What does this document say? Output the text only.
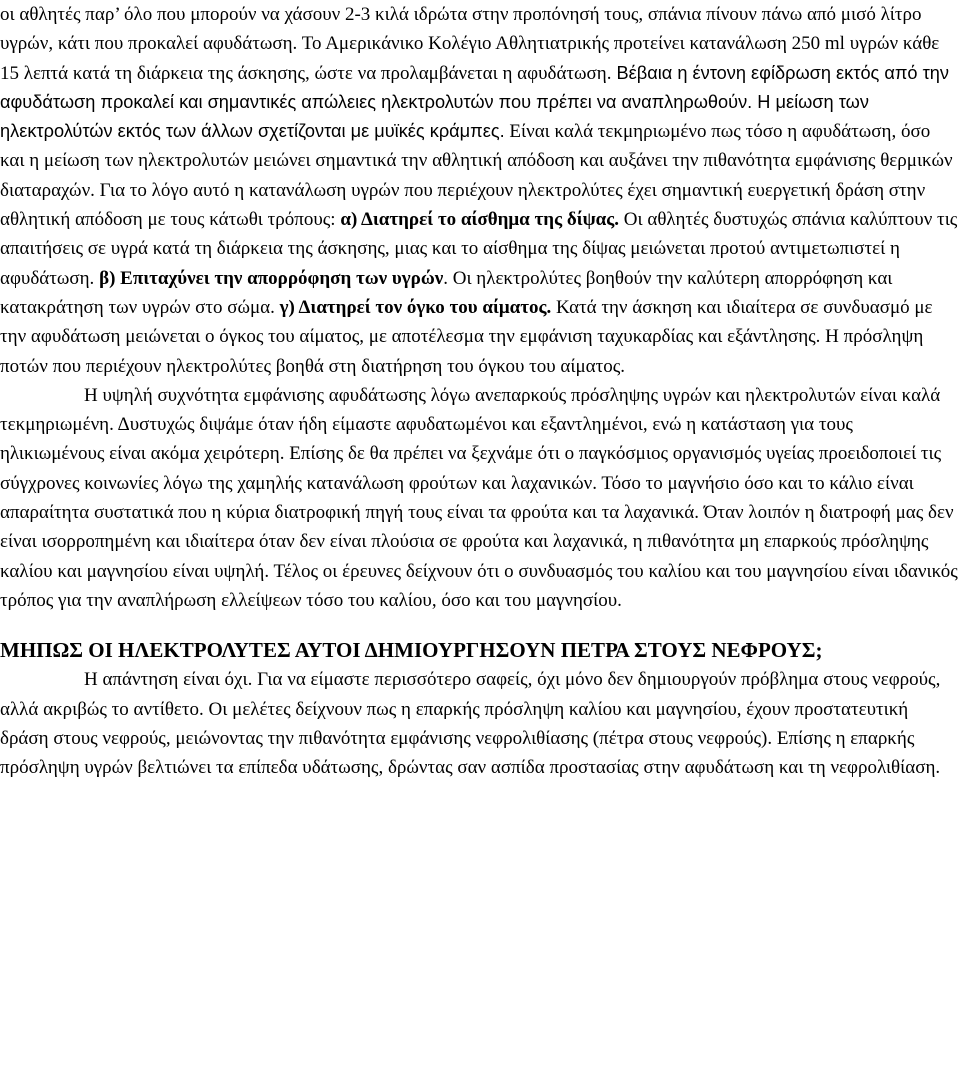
οι αθλητές παρ’ όλο που μπορούν να χάσουν 2-3 κιλά ιδρώτα στην προπόνησή τους, σπάνια πίνουν πάνω από μισό λίτρο υγρών, κάτι που προκαλεί αφυδάτωση. Το Αμερικάνικο Κολέγιο Αθλητιατρικής προτείνει κατανάλωση 250 ml υγρών κάθε 15 λεπτά κατά τη διάρκεια της άσκησης, ώστε να προλαμβάνεται η αφυδάτωση. Βέβαια η έντονη εφίδρωση εκτός από την αφυδάτωση προκαλεί και σημαντικές απώλειες ηλεκτρολυτών που πρέπει να αναπληρωθούν. Η μείωση των ηλεκτρολύτών εκτός των άλλων σχετίζονται με μυϊκές κράμπες. Είναι καλά τεκμηριωμένο πως τόσο η αφυδάτωση, όσο και η μείωση των ηλεκτρολυτών μειώνει σημαντικά την αθλητική απόδοση και αυξάνει την πιθανότητα εμφάνισης θερμικών διαταραχών. Για το λόγο αυτό η κατανάλωση υγρών που περιέχουν ηλεκτρολύτες έχει σημαντική ευεργετική δράση στην αθλητική απόδοση με τους κάτωθι τρόπους: α) Διατηρεί το αίσθημα της δίψας. Οι αθλητές δυστυχώς σπάνια καλύπτουν τις απαιτήσεις σε υγρά κατά τη διάρκεια της άσκησης, μιας και το αίσθημα της δίψας μειώνεται προτού αντιμετωπιστεί η αφυδάτωση. β) Επιταχύνει την απορρόφηση των υγρών. Οι ηλεκτρολύτες βοηθούν την καλύτερη απορρόφηση και κατακράτηση των υγρών στο σώμα. γ) Διατηρεί τον όγκο του αίματος. Κατά την άσκηση και ιδιαίτερα σε συνδυασμό με την αφυδάτωση μειώνεται ο όγκος του αίματος, με αποτέλεσμα την εμφάνιση ταχυκαρδίας και εξάντλησης. Η πρόσληψη ποτών που περιέχουν ηλεκτρολύτες βοηθά στη διατήρηση του όγκου του αίματος.

Η υψηλή συχνότητα εμφάνισης αφυδάτωσης λόγω ανεπαρκούς πρόσληψης υγρών και ηλεκτρολυτών είναι καλά τεκμηριωμένη. Δυστυχώς διψάμε όταν ήδη είμαστε αφυδατωμένοι και εξαντλημένοι, ενώ η κατάσταση για τους ηλικιωμένους είναι ακόμα χειρότερη. Επίσης δε θα πρέπει να ξεχνάμε ότι ο παγκόσμιος οργανισμός υγείας προειδοποιεί τις σύγχρονες κοινωνίες λόγω της χαμηλής κατανάλωση φρούτων και λαχανικών. Τόσο το μαγνήσιο όσο και το κάλιο είναι απαραίτητα συστατικά που η κύρια διατροφική πηγή τους είναι τα φρούτα και τα λαχανικά. Όταν λοιπόν η διατροφή μας δεν είναι ισορροπημένη και ιδιαίτερα όταν δεν είναι πλούσια σε φρούτα και λαχανικά, η πιθανότητα μη επαρκούς πρόσληψης καλίου και μαγνησίου είναι υψηλή. Τέλος οι έρευνες δείχνουν ότι ο συνδυασμός του καλίου και του μαγνησίου είναι ιδανικός τρόπος για την αναπλήρωση ελλείψεων τόσο του καλίου, όσο και του μαγνησίου.

ΜΗΠΩΣ ΟΙ ΗΛΕΚΤΡΟΛΥΤΕΣ ΑΥΤΟΙ ΔΗΜΙΟΥΡΓΗΣΟΥΝ ΠΕΤΡΑ ΣΤΟΥΣ ΝΕΦΡΟΥΣ;

Η απάντηση είναι όχι. Για να είμαστε περισσότερο σαφείς, όχι μόνο δεν δημιουργούν πρόβλημα στους νεφρούς, αλλά ακριβώς το αντίθετο. Οι μελέτες δείχνουν πως η επαρκής πρόσληψη καλίου και μαγνησίου, έχουν προστατευτική δράση στους νεφρούς, μειώνοντας την πιθανότητα εμφάνισης νεφρολιθίασης (πέτρα στους νεφρούς). Επίσης η επαρκής πρόσληψη υγρών βελτιώνει τα επίπεδα υδάτωσης, δρώντας σαν ασπίδα προστασίας στην αφυδάτωση και τη νεφρολιθίαση.
